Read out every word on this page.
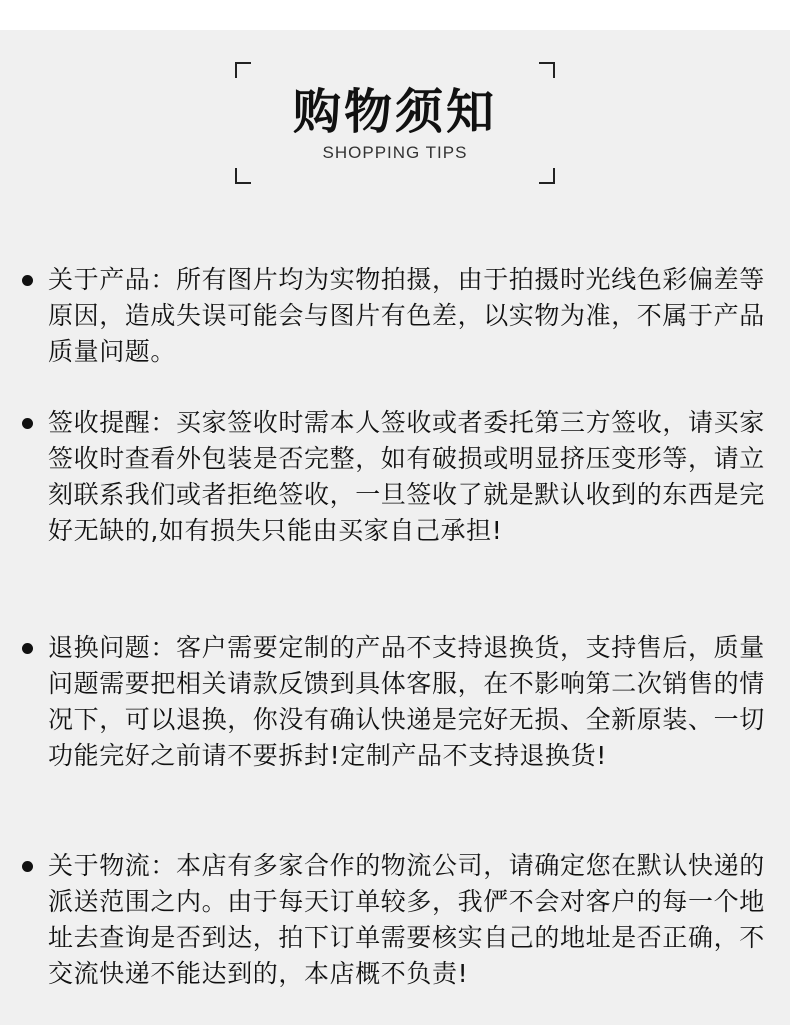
购物须知
SHOPPING TIPS
关于产品：所有图片均为实物拍摄，由于拍摄时光线色彩偏差等原因，造成失误可能会与图片有色差，以实物为准，不属于产品质量问题。
签收提醒：买家签收时需本人签收或者委托第三方签收，请买家签收时查看外包装是否完整，如有破损或明显挤压变形等，请立刻联系我们或者拒绝签收，一旦签收了就是默认收到的东西是完好无缺的,如有损失只能由买家自己承担!
退换问题：客户需要定制的产品不支持退换货，支持售后，质量问题需要把相关请款反馈到具体客服，在不影响第二次销售的情况下，可以退换，你没有确认快递是完好无损、全新原装、一切功能完好之前请不要拆封!定制产品不支持退换货!
关于物流：本店有多家合作的物流公司，请确定您在默认快递的派送范围之内。由于每天订单较多，我俨不会对客户的每一个地址去查询是否到达，拍下订单需要核实自己的地址是否正确，不交流快递不能达到的，本店概不负责!
